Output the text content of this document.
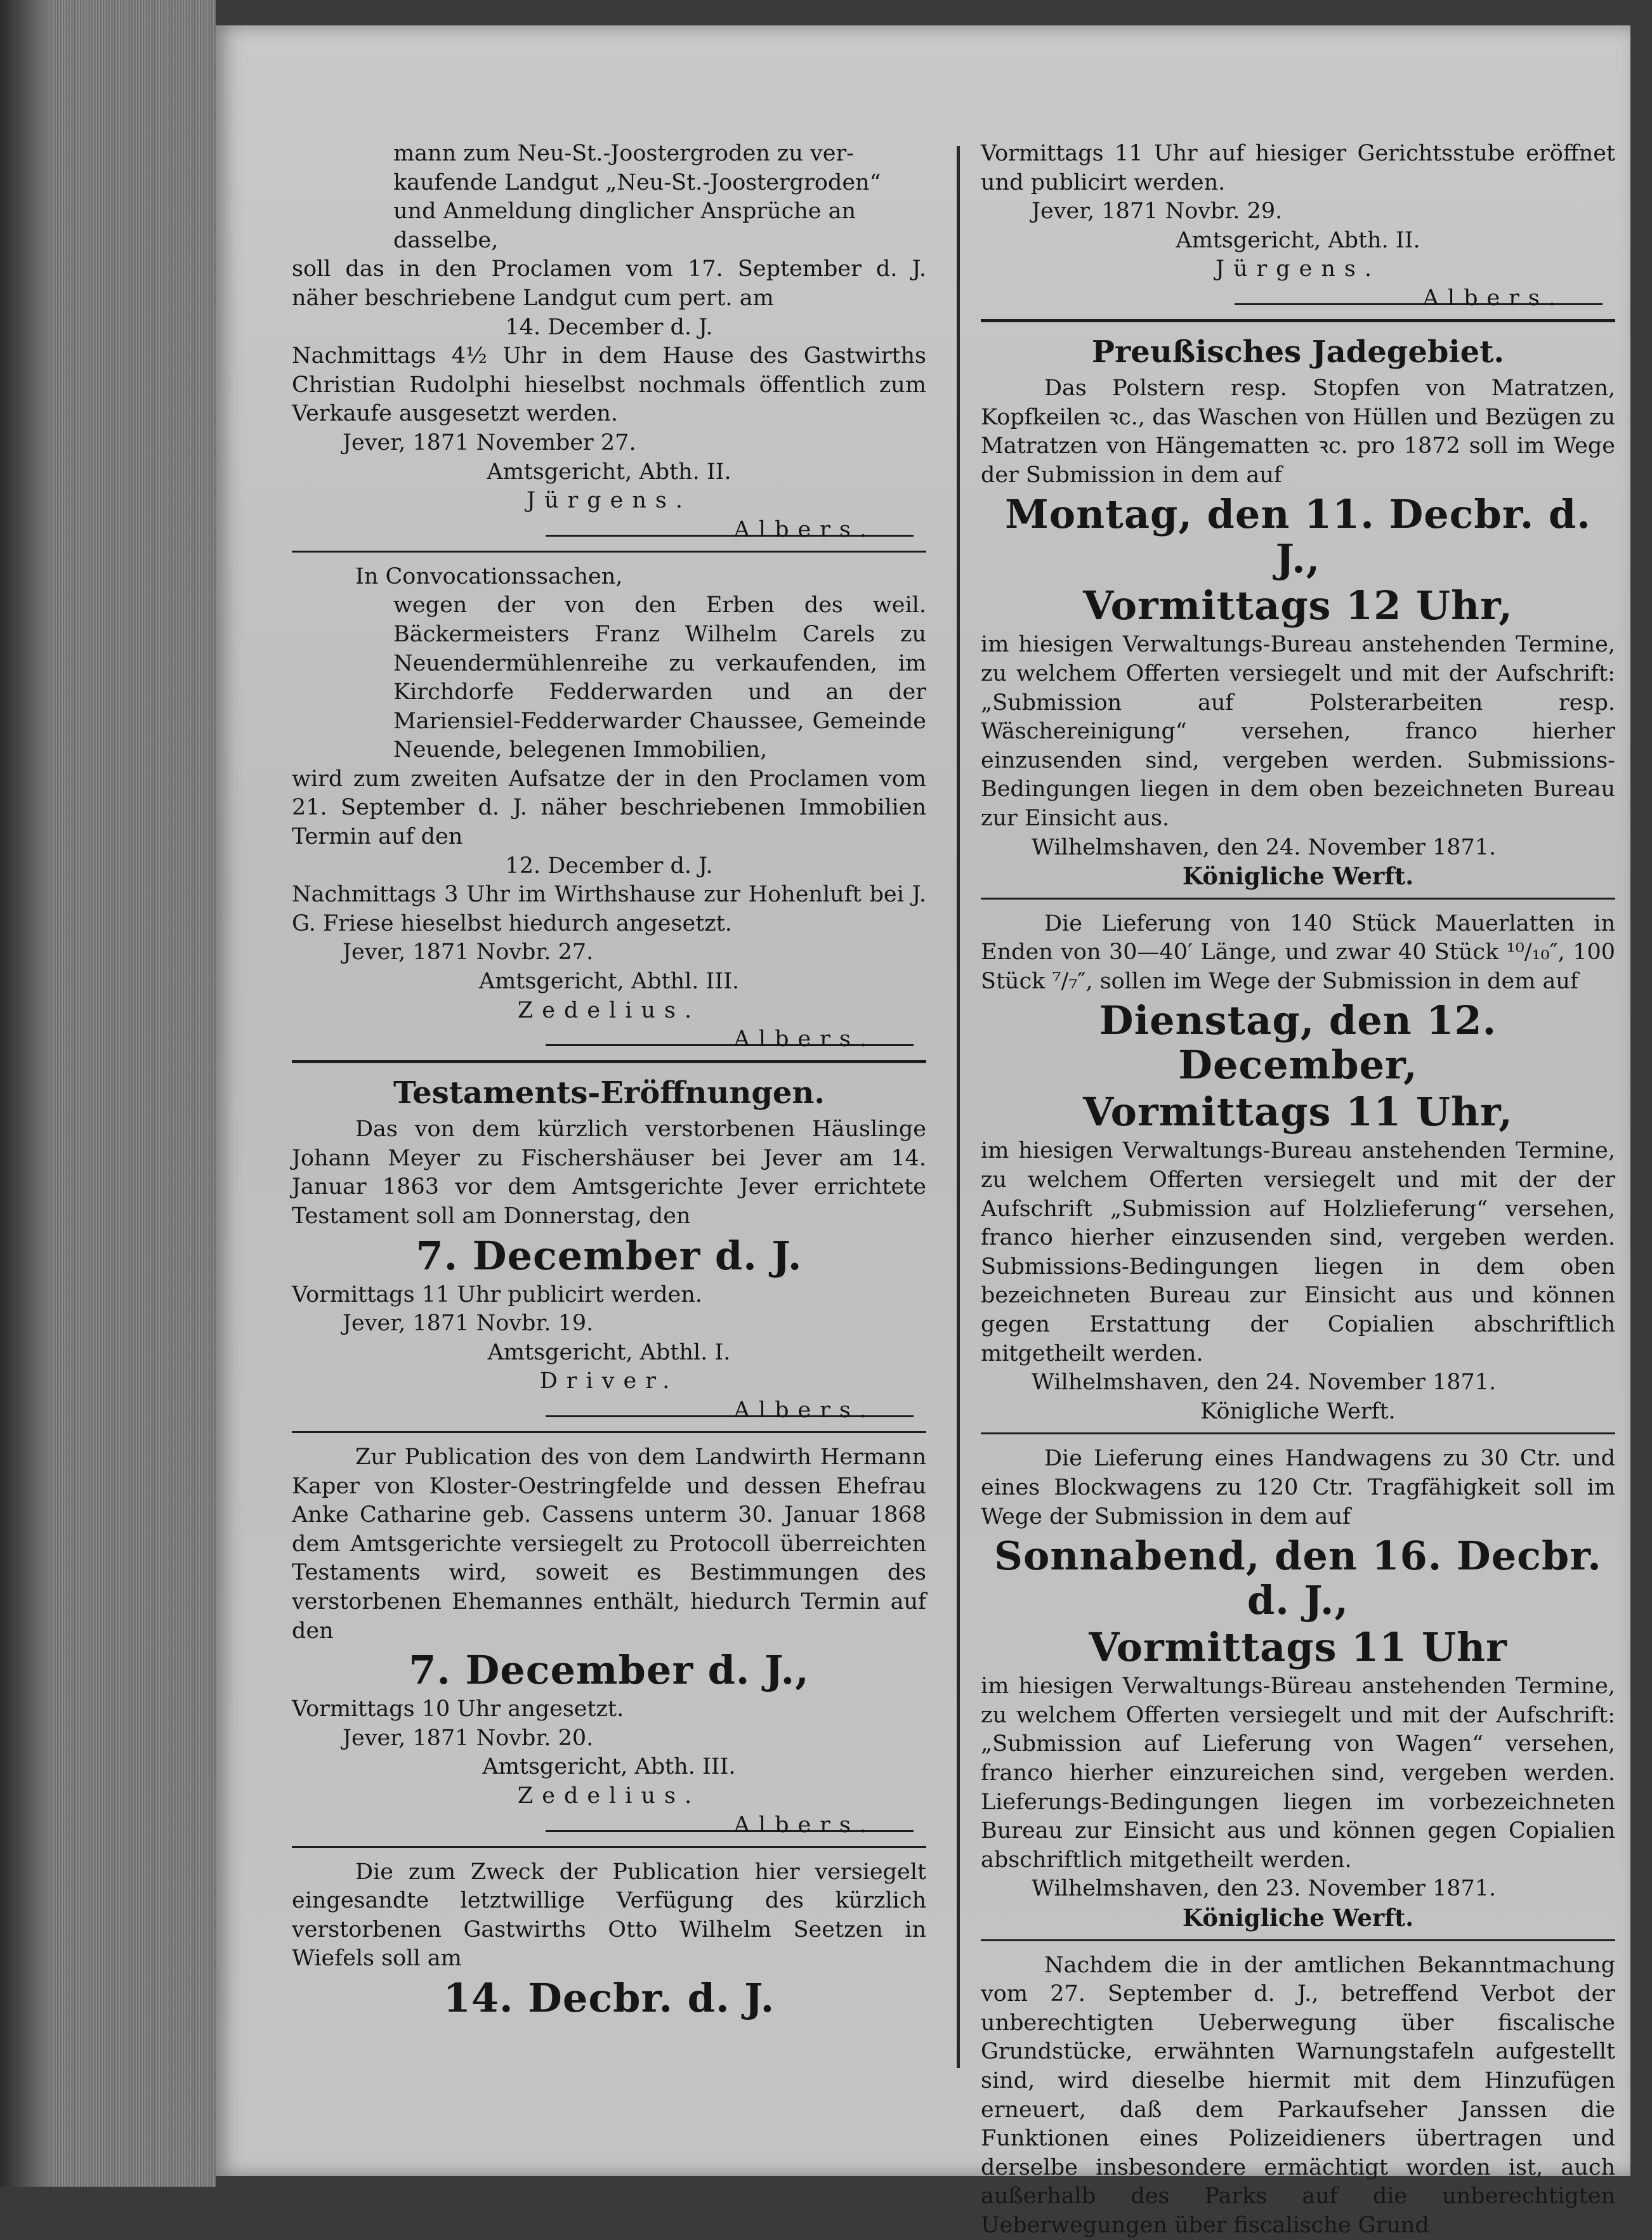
mann zum Neu-St.-Joostergroden zu ver-

kaufende Landgut „Neu-St.-Joostergroden“

und Anmeldung dinglicher Ansprüche an

dasselbe,

soll das in den Proclamen vom 17. September d. J. näher beschriebene Landgut cum pert. am

14. December d. J.

Nachmittags 4½ Uhr in dem Hause des Gastwirths Christian Rudolphi hieselbst nochmals öffentlich zum Verkaufe ausgesetzt werden.

Jever, 1871 November 27.

Amtsgericht, Abth. II.

Jürgens.

Albers.

In Convocationssachen,

wegen der von den Erben des weil. Bäckermeisters Franz Wilhelm Carels zu Neuendermühlenreihe zu verkaufenden, im Kirchdorfe Fedderwarden und an der Mariensiel-Fedderwarder Chaussee, Gemeinde Neuende, belegenen Immobilien,

wird zum zweiten Aufsatze der in den Proclamen vom 21. September d. J. näher beschriebenen Immobilien Termin auf den

12. December d. J.

Nachmittags 3 Uhr im Wirthshause zur Hohenluft bei J. G. Friese hieselbst hiedurch angesetzt.

Jever, 1871 Novbr. 27.

Amtsgericht, Abthl. III.

Zedelius.

Albers.

Testaments-Eröffnungen.

Das von dem kürzlich verstorbenen Häuslinge Johann Meyer zu Fischershäuser bei Jever am 14. Januar 1863 vor dem Amtsgerichte Jever errichtete Testament soll am Donnerstag, den

7. December d. J.

Vormittags 11 Uhr publicirt werden.

Jever, 1871 Novbr. 19.

Amtsgericht, Abthl. I.

Driver.

Albers.

Zur Publication des von dem Landwirth Hermann Kaper von Kloster-Oestringfelde und dessen Ehefrau Anke Catharine geb. Cassens unterm 30. Januar 1868 dem Amtsgerichte versiegelt zu Protocoll überreichten Testaments wird, soweit es Bestimmungen des verstorbenen Ehemannes enthält, hiedurch Termin auf den

7. December d. J.,

Vormittags 10 Uhr angesetzt.

Jever, 1871 Novbr. 20.

Amtsgericht, Abth. III.

Zedelius.

Albers.

Die zum Zweck der Publication hier versiegelt eingesandte letztwillige Verfügung des kürzlich verstorbenen Gastwirths Otto Wilhelm Seetzen in Wiefels soll am

14. Decbr. d. J.

Vormittags 11 Uhr auf hiesiger Gerichtsstube eröffnet und publicirt werden.

Jever, 1871 Novbr. 29.

Amtsgericht, Abth. II.

Jürgens.

Albers.

Preußisches Jadegebiet.

Das Polstern resp. Stopfen von Matratzen, Kopfkeilen ꝛc., das Waschen von Hüllen und Bezügen zu Matratzen von Hängematten ꝛc. pro 1872 soll im Wege der Submission in dem auf

Montag, den 11. Decbr. d. J.,

Vormittags 12 Uhr,

im hiesigen Verwaltungs-Bureau anstehenden Termine, zu welchem Offerten versiegelt und mit der Aufschrift: „Submission auf Polsterarbeiten resp. Wäschereinigung“ versehen, franco hierher einzusenden sind, vergeben werden. Submissions-Bedingungen liegen in dem oben bezeichneten Bureau zur Einsicht aus.

Wilhelmshaven, den 24. November 1871.

Königliche Werft.

Die Lieferung von 140 Stück Mauerlatten in Enden von 30—40′ Länge, und zwar 40 Stück ¹⁰/₁₀″, 100 Stück ⁷/₇″, sollen im Wege der Submission in dem auf

Dienstag, den 12. December,

Vormittags 11 Uhr,

im hiesigen Verwaltungs-Bureau anstehenden Termine, zu welchem Offerten versiegelt und mit der der Aufschrift „Submission auf Holzlieferung“ versehen, franco hierher einzusenden sind, vergeben werden. Submissions-Bedingungen liegen in dem oben bezeichneten Bureau zur Einsicht aus und können gegen Erstattung der Copialien abschriftlich mitgetheilt werden.

Wilhelmshaven, den 24. November 1871.

Königliche Werft.

Die Lieferung eines Handwagens zu 30 Ctr. und eines Blockwagens zu 120 Ctr. Tragfähigkeit soll im Wege der Submission in dem auf

Sonnabend, den 16. Decbr. d. J.,

Vormittags 11 Uhr

im hiesigen Verwaltungs-Büreau anstehenden Termine, zu welchem Offerten versiegelt und mit der Aufschrift: „Submission auf Lieferung von Wagen“ versehen, franco hierher einzureichen sind, vergeben werden. Lieferungs-Bedingungen liegen im vorbezeichneten Bureau zur Einsicht aus und können gegen Copialien abschriftlich mitgetheilt werden.

Wilhelmshaven, den 23. November 1871.

Königliche Werft.

Nachdem die in der amtlichen Bekanntmachung vom 27. September d. J., betreffend Verbot der unberechtigten Ueberwegung über fiscalische Grundstücke, erwähnten Warnungstafeln aufgestellt sind, wird dieselbe hiermit mit dem Hinzufügen erneuert, daß dem Parkaufseher Janssen die Funktionen eines Polizeidieners übertragen und derselbe insbesondere ermächtigt worden ist, auch außerhalb des Parks auf die unberechtigten Ueberwegungen über fiscalische Grund
